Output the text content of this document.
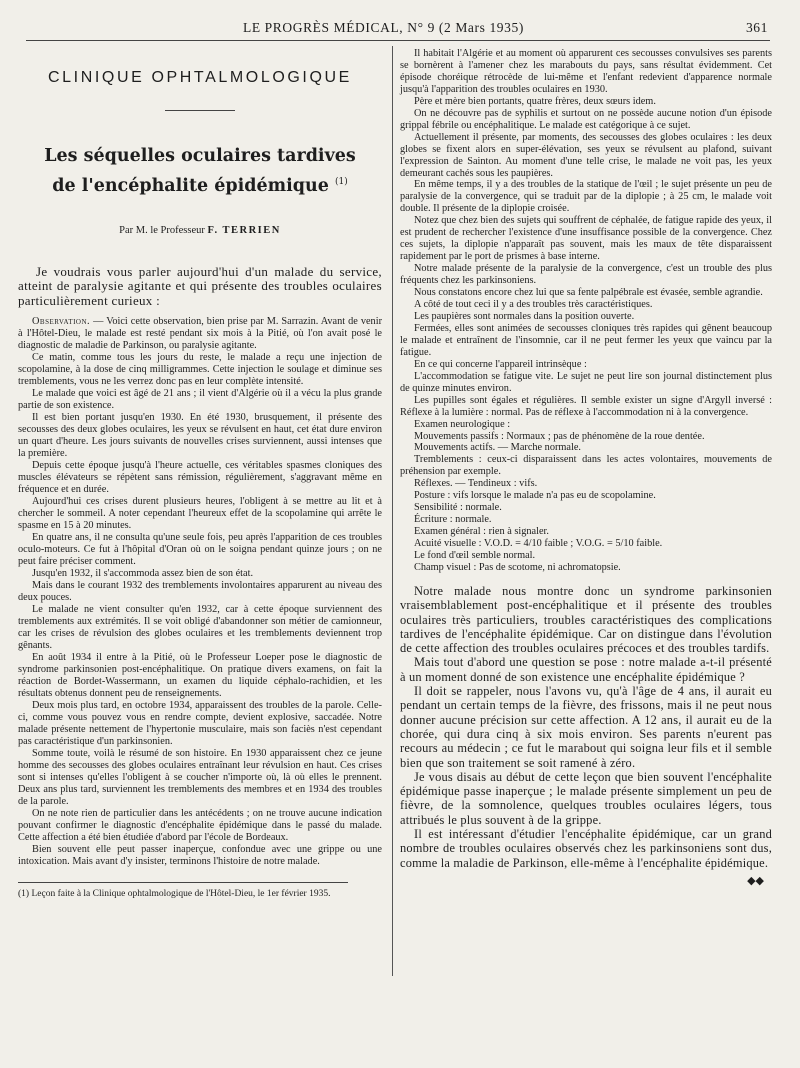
LE PROGRÈS MÉDICAL, N° 9 (2 Mars 1935)	361
CLINIQUE OPHTALMOLOGIQUE
Les séquelles oculaires tardives
de l'encéphalite épidémique $^{(1)}$
Par M. le Professeur F. TERRIEN

Je voudrais vous parler aujourd'hui d'un malade du service, atteint de paralysie agitante et qui présente des troubles oculaires particulièrement curieux :

Observation. — Voici cette observation, bien prise par M. Sarrazin. Avant de venir à l'Hôtel-Dieu, le malade est resté pendant six mois à la Pitié, où l'on avait posé le diagnostic de maladie de Parkinson, ou paralysie agitante.

Ce matin, comme tous les jours du reste, le malade a reçu une injection de scopolamine, à la dose de cinq milligrammes. Cette injection le soulage et diminue ses tremblements, vous ne les verrez donc pas en leur complète intensité.

Le malade que voici est âgé de 21 ans ; il vient d'Algérie où il a vécu la plus grande partie de son existence.

Il est bien portant jusqu'en 1930. En été 1930, brusquement, il présente des secousses des deux globes oculaires, les yeux se révulsent en haut, cet état dure environ un quart d'heure. Les jours suivants de nouvelles crises surviennent, aussi intenses que la première.

Depuis cette époque jusqu'à l'heure actuelle, ces véritables spasmes cloniques des muscles élévateurs se répètent sans rémission, régulièrement, s'aggravant même en fréquence et en durée.

Aujourd'hui ces crises durent plusieurs heures, l'obligent à se mettre au lit et à chercher le sommeil. A noter cependant l'heureux effet de la scopolamine qui arrête le spasme en 15 à 20 minutes.

En quatre ans, il ne consulta qu'une seule fois, peu après l'apparition de ces troubles oculo-moteurs. Ce fut à l'hôpital d'Oran où on le soigna pendant quinze jours ; on ne peut faire préciser comment.

Jusqu'en 1932, il s'accommoda assez bien de son état.

Mais dans le courant 1932 des tremblements involontaires apparurent au niveau des deux pouces.

Le malade ne vient consulter qu'en 1932, car à cette époque surviennent des tremblements aux extrémités. Il se voit obligé d'abandonner son métier de camionneur, car les crises de révulsion des globes oculaires et les tremblements deviennent trop gênants.

En août 1934 il entre à la Pitié, où le Professeur Loeper pose le diagnostic de syndrome parkinsonien post-encéphalitique. On pratique divers examens, on fait la réaction de Bordet-Wassermann, un examen du liquide céphalo-rachidien, et les résultats obtenus donnent peu de renseignements.

Deux mois plus tard, en octobre 1934, apparaissent des troubles de la parole. Celle-ci, comme vous pouvez vous en rendre compte, devient explosive, saccadée. Notre malade présente nettement de l'hypertonie musculaire, mais son faciès n'est cependant pas caractéristique d'un parkinsonien.

Somme toute, voilà le résumé de son histoire. En 1930 apparaissent chez ce jeune homme des secousses des globes oculaires entraînant leur révulsion en haut. Ces crises sont si intenses qu'elles l'obligent à se coucher n'importe où, là où elles le prennent. Deux ans plus tard, surviennent les tremblements des membres et en 1934 des troubles de la parole.

On ne note rien de particulier dans les antécédents ; on ne trouve aucune indication pouvant confirmer le diagnostic d'encéphalite épidémique dans le passé du malade. Cette affection a été bien étudiée d'abord par l'école de Bordeaux.

Bien souvent elle peut passer inaperçue, confondue avec une grippe ou une intoxication. Mais avant d'y insister, terminons l'histoire de notre malade.

(1) Leçon faite à la Clinique ophtalmologique de l'Hôtel-Dieu, le 1er février 1935.

Il habitait l'Algérie et au moment où apparurent ces secousses convulsives ses parents se bornèrent à l'amener chez les marabouts du pays, sans résultat évidemment. Cet épisode choréique rétrocède de lui-même et l'enfant redevient d'apparence normale jusqu'à l'apparition des troubles oculaires en 1930.

Père et mère bien portants, quatre frères, deux sœurs idem.

On ne découvre pas de syphilis et surtout on ne possède aucune notion d'un épisode grippal fébrile ou encéphalitique. Le malade est catégorique à ce sujet.

Actuellement il présente, par moments, des secousses des globes oculaires : les deux globes se fixent alors en super-élévation, ses yeux se révulsent au plafond, suivant l'expression de Sainton. Au moment d'une telle crise, le malade ne voit pas, les yeux demeurant cachés sous les paupières.

En même temps, il y a des troubles de la statique de l'œil ; le sujet présente un peu de paralysie de la convergence, qui se traduit par de la diplopie ; à 25 cm, le malade voit double. Il présente de la diplopie croisée.

Notez que chez bien des sujets qui souffrent de céphalée, de fatigue rapide des yeux, il est prudent de rechercher l'existence d'une insuffisance possible de la convergence. Chez ces sujets, la diplopie n'apparaît pas souvent, mais les maux de tête disparaissent rapidement par le port de prismes à base interne.

Notre malade présente de la paralysie de la convergence, c'est un trouble des plus fréquents chez les parkinsoniens.

Nous constatons encore chez lui que sa fente palpébrale est évasée, semble agrandie.

A côté de tout ceci il y a des troubles très caractéristiques.

Les paupières sont normales dans la position ouverte.

Fermées, elles sont animées de secousses cloniques très rapides qui gênent beaucoup le malade et entraînent de l'insomnie, car il ne peut fermer les yeux que vaincu par la fatigue.

En ce qui concerne l'appareil intrinsèque :

L'accommodation se fatigue vite. Le sujet ne peut lire son journal distinctement plus de quinze minutes environ.

Les pupilles sont égales et régulières. Il semble exister un signe d'Argyll inversé : Réflexe à la lumière : normal. Pas de réflexe à l'accommodation ni à la convergence.

Examen neurologique :

Mouvements passifs : Normaux ; pas de phénomène de la roue dentée.

Mouvements actifs. — Marche normale.

Tremblements : ceux-ci disparaissent dans les actes volontaires, mouvements de préhension par exemple.

Réflexes. — Tendineux : vifs.

Posture : vifs lorsque le malade n'a pas eu de scopolamine.

Sensibilité : normale.

Écriture : normale.

Examen général : rien à signaler.

Acuité visuelle : V.O.D. = 4/10 faible ; V.O.G. = 5/10 faible.

Le fond d'œil semble normal.

Champ visuel : Pas de scotome, ni achromatopsie.

Notre malade nous montre donc un syndrome parkinsonien vraisemblablement post-encéphalitique et il présente des troubles oculaires très particuliers, troubles caractéristiques des complications tardives de l'encéphalite épidémique. Car on distingue dans l'évolution de cette affection des troubles oculaires précoces et des troubles tardifs.

Mais tout d'abord une question se pose : notre malade a-t-il présenté à un moment donné de son existence une encéphalite épidémique ?

Il doit se rappeler, nous l'avons vu, qu'à l'âge de 4 ans, il aurait eu pendant un certain temps de la fièvre, des frissons, mais il ne peut nous donner aucune précision sur cette affection. A 12 ans, il aurait eu de la chorée, qui dura cinq à six mois environ. Ses parents n'eurent pas recours au médecin ; ce fut le marabout qui soigna leur fils et il semble bien que son traitement se soit ramené à zéro.

Je vous disais au début de cette leçon que bien souvent l'encéphalite épidémique passe inaperçue ; le malade présente simplement un peu de fièvre, de la somnolence, quelques troubles oculaires légers, tous attribués le plus souvent à de la grippe.

Il est intéressant d'étudier l'encéphalite épidémique, car un grand nombre de troubles oculaires observés chez les parkinsoniens sont dus, comme la maladie de Parkinson, elle-même à l'encéphalite épidémique.

◆◆
